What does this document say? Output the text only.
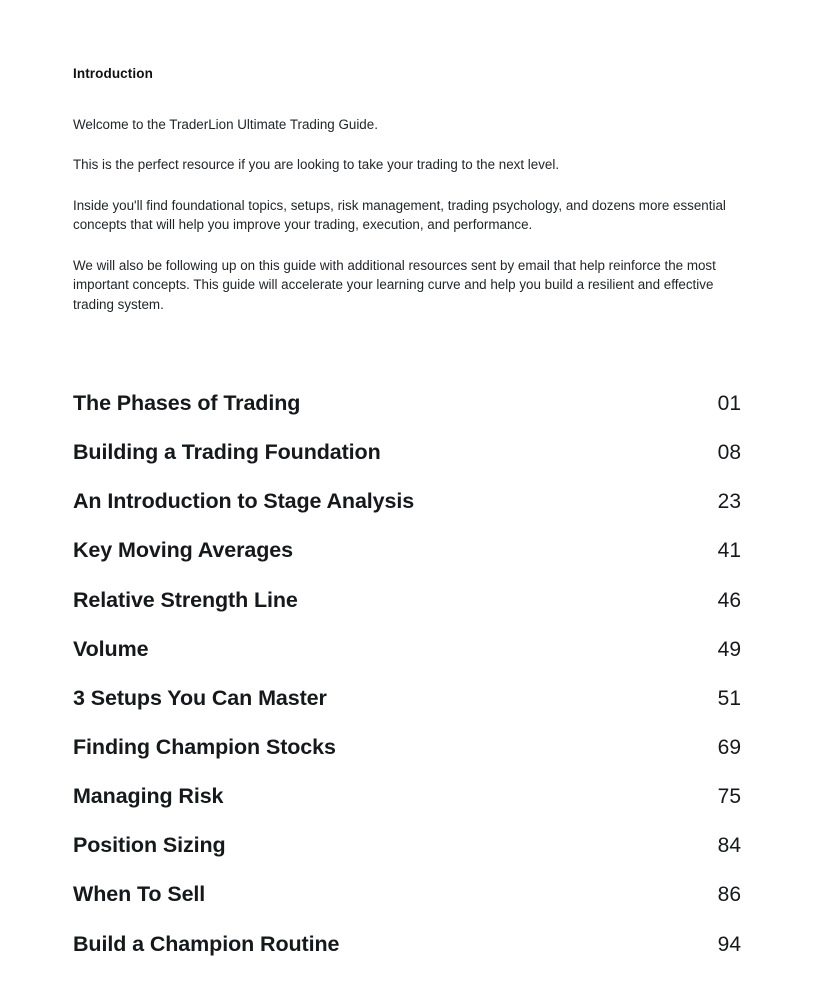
Introduction

Welcome to the TraderLion Ultimate Trading Guide.

This is the perfect resource if you are looking to take your trading to the next level.

Inside you'll find foundational topics, setups, risk management, trading psychology, and dozens more essential concepts that will help you improve your trading, execution, and performance.

We will also be following up on this guide with additional resources sent by email that help reinforce the most important concepts. This guide will accelerate your learning curve and help you build a resilient and effective trading system.

The Phases of Trading	01
Building a Trading Foundation	08
An Introduction to Stage Analysis	23
Key Moving Averages	41
Relative Strength Line	46
Volume	49
3 Setups You Can Master	51
Finding Champion Stocks	69
Managing Risk	75
Position Sizing	84
When To Sell	86
Build a Champion Routine	94
